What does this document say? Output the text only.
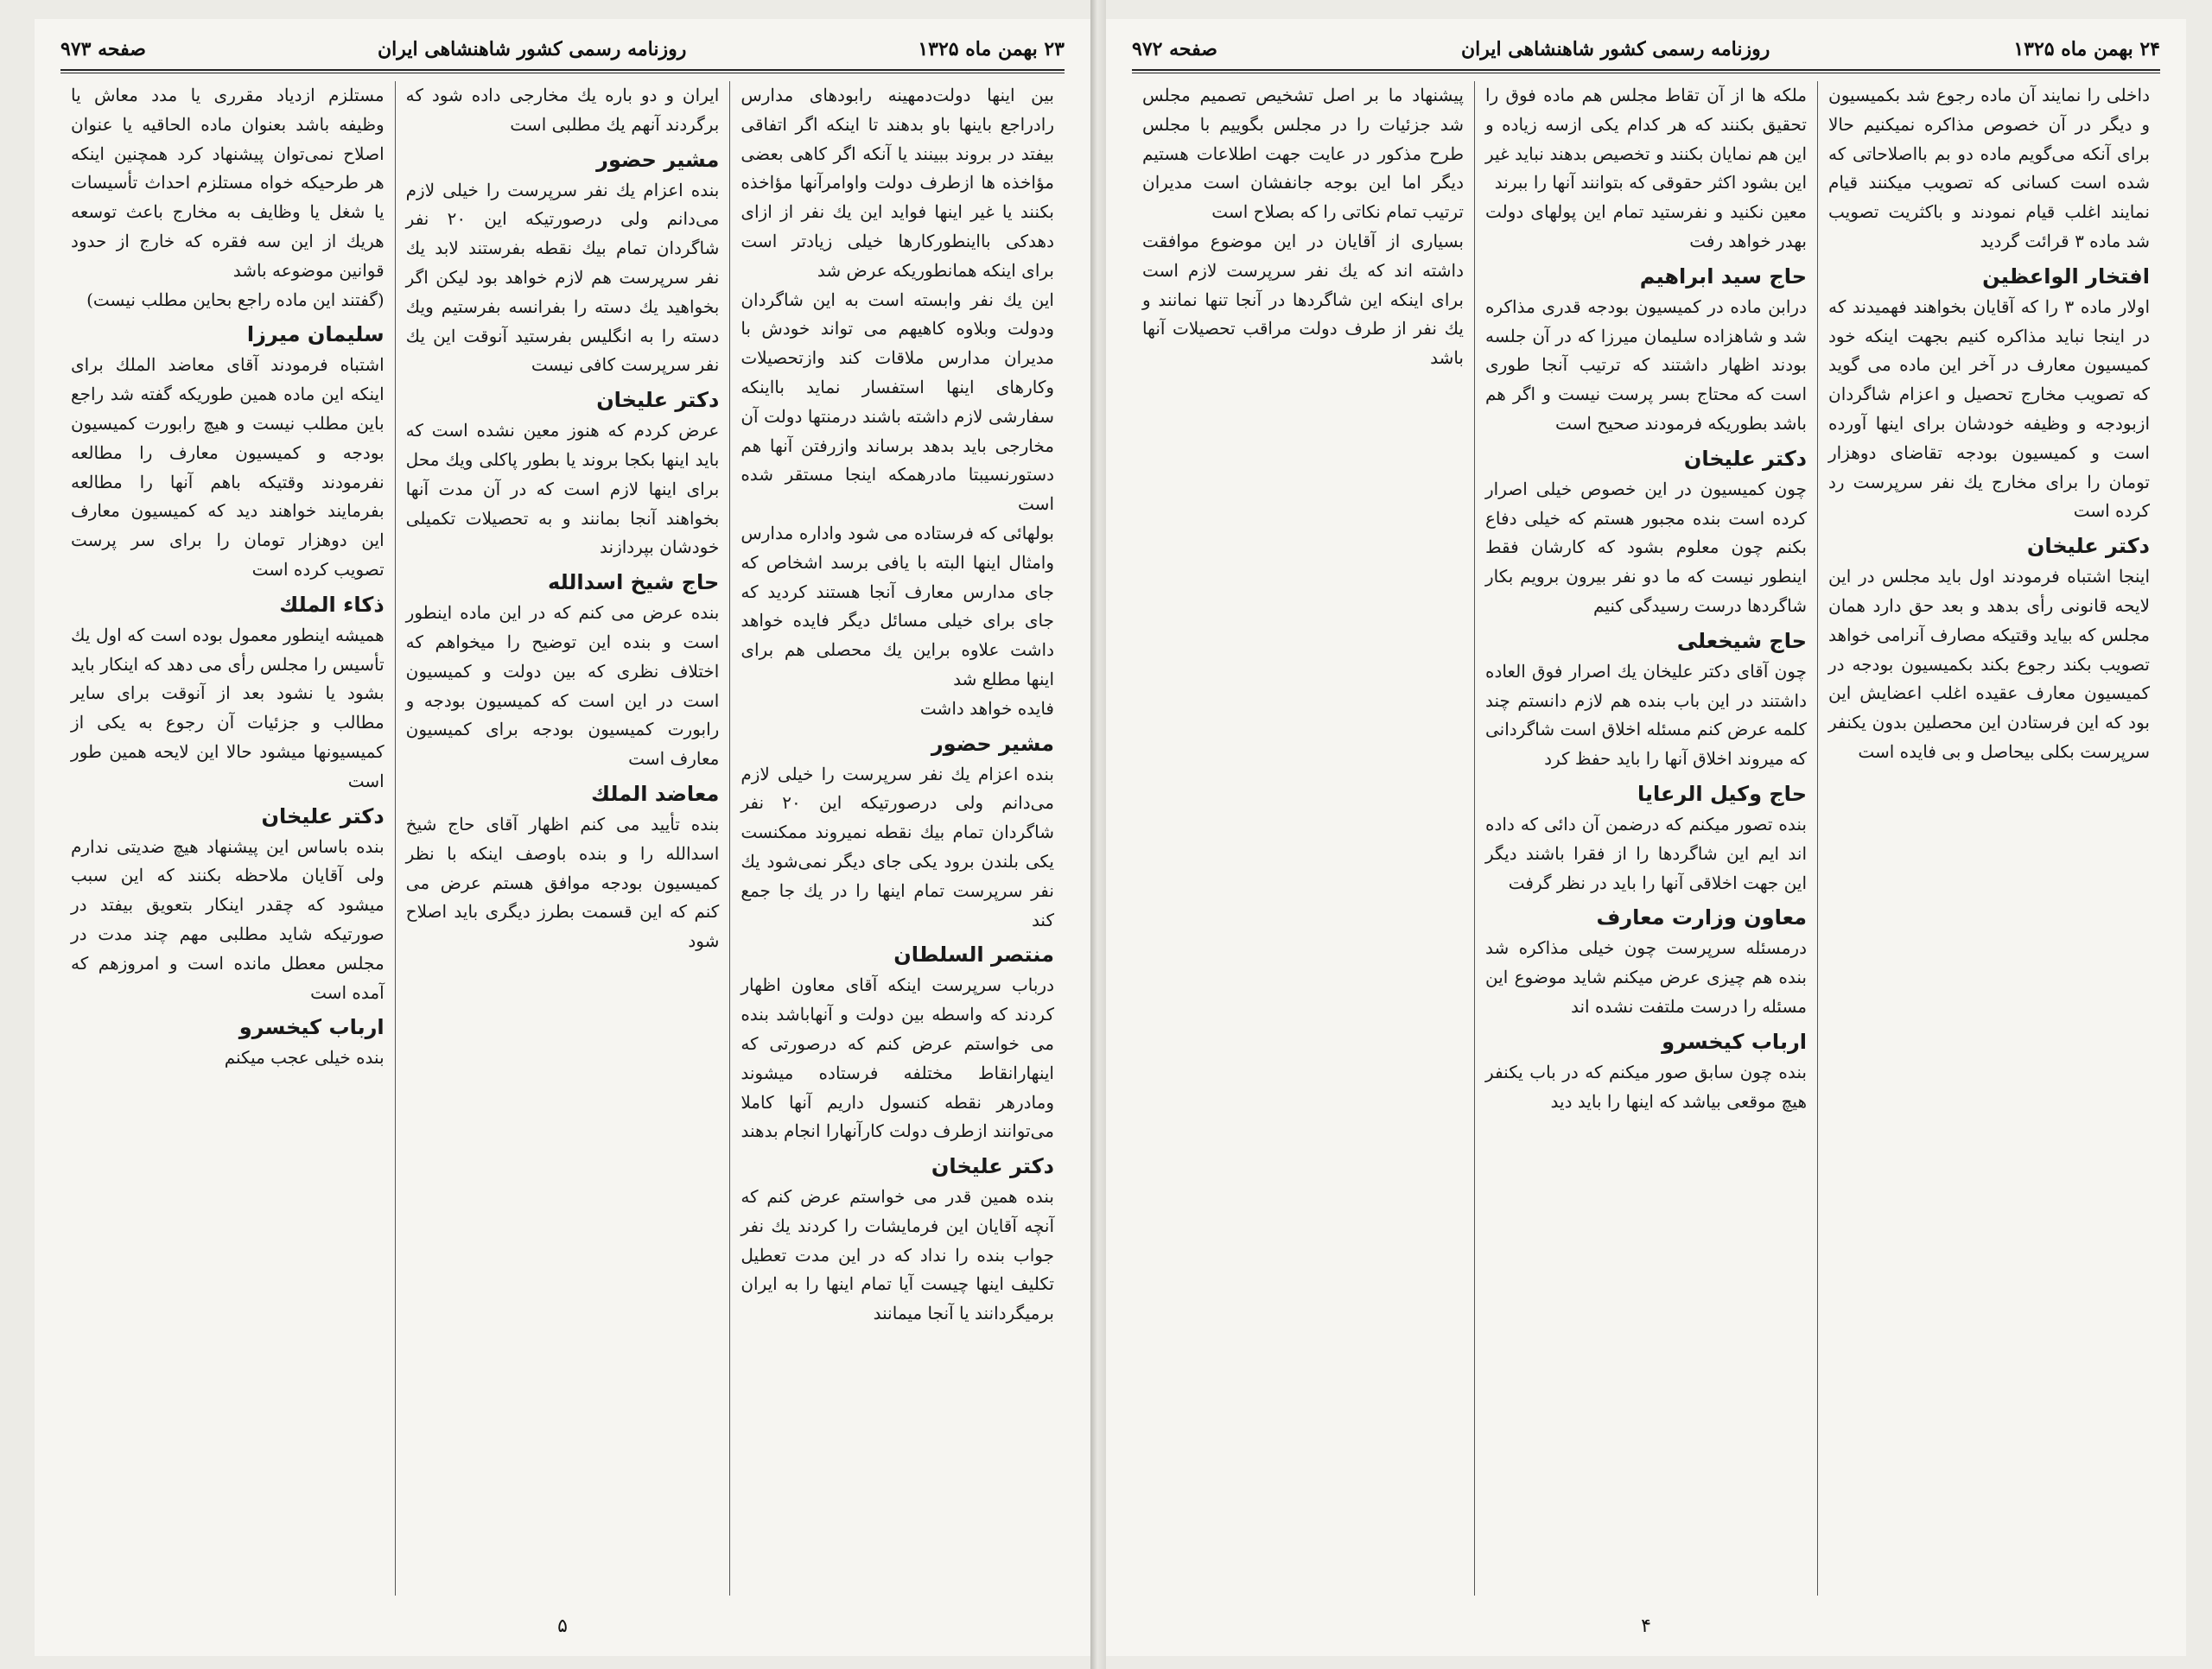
صفحه ۹۷۳	روزنامه رسمی کشور شاهنشاهی ایران	۲۳ بهمن ماه ۱۳۲۵

بین اینها دولت‌دمهینه رابودهای مدارس رادراجع باینها باو بدهند تا اینکه اگر اتفاقی بیفتد در بروند ببینند یا آنکه اگر کاهی بعضی مؤاخذه ها ازطرف دولت واوامرآنها مؤاخذه بکنند یا غیر اینها فواید این یك نفر از ازای دهدکی بااینطورکارها خیلی زیادتر است برای اینکه همانطوریکه عرض شد

این یك نفر وابسته است به این شاگردان ودولت وبلاوه کاهیهم می تواند خودش با مدیران مدارس ملاقات کند وازتحصیلات وکارهای اینها استفسار نماید بااینکه سفارشی لازم داشته باشند درمنتها دولت آن مخارجی باید بدهد برساند وازرفتن آنها هم دستورنسیبتا مادرهمکه اینجا مستقر شده است

بولهائی که فرستاده می شود واداره مدارس وامثال اینها البته با یافی برسد اشخاص که جای مدارس معارف آنجا هستند کردید که جای برای خیلی مسائل دیگر فایده خواهد داشت علاوه براین یك محصلی هم برای اینها مطلع شد

فایده خواهد داشت

مشیر حضور

بنده اعزام یك نفر سرپرست را خیلی لازم می‌دانم ولی درصورتیکه این ۲۰ نفر شاگردان تمام بیك نقطه نمیروند ممکنست یکی بلندن برود یکی جای دیگر نمی‌شود یك نفر سرپرست تمام اینها را در یك جا جمع کند

منتصر السلطان

درباب سرپرست اینکه آقای معاون اظهار کردند که واسطه بین دولت و آنهاباشد بنده می خواستم عرض کنم که درصورتی که اینهارانقاط مختلفه فرستاده میشوند ومادرهر نقطه کنسول داریم آنها کاملا می‌توانند ازطرف دولت کارآنهارا انجام بدهند

دکتر علیخان

بنده همین قدر می خواستم عرض کنم که آنچه آقایان این فرمایشات را کردند یك نفر جواب بنده را نداد که در این مدت تعطیل تکلیف اینها چیست آیا تمام اینها را به ایران برمیگردانند یا آنجا میمانند

ایران و دو باره یك مخارجی داده شود که برگردند آنهم یك مطلبی است

مشیر حضور

بنده اعزام یك نفر سرپرست را خیلی لازم می‌دانم ولی درصورتیکه این ۲۰ نفر شاگردان تمام بیك نقطه بفرستند لابد یك نفر سرپرست هم لازم خواهد بود لیکن اگر بخواهید یك دسته را بفرانسه بفرستیم ویك دسته را به انگلیس بفرستید آنوقت این یك نفر سرپرست کافی نیست

دکتر علیخان

عرض کردم که هنوز معین نشده است که باید اینها بکجا بروند یا بطور پاکلی ویك محل برای اینها لازم است که در آن مدت آنها بخواهند آنجا بمانند و به تحصیلات تکمیلی خودشان بپردازند

حاج شیخ اسدالله

بنده عرض می کنم که در این ماده اینطور است و بنده این توضیح را میخواهم که اختلاف نظری که بین دولت و کمیسیون است در این است که کمیسیون بودجه و رابورت کمیسیون بودجه برای کمیسیون معارف است

معاضد الملك

بنده تأیید می کنم اظهار آقای حاج شیخ اسدالله را و بنده باوصف اینکه با نظر کمیسیون بودجه موافق هستم عرض می کنم که این قسمت بطرز دیگری باید اصلاح شود

مستلزم ازدیاد مقرری یا مدد معاش یا وظیفه باشد بعنوان ماده الحاقیه یا عنوان اصلاح نمی‌توان پیشنهاد کرد همچنین اینکه هر طرحیکه خواه مستلزم احداث تأسیسات یا شغل یا وظایف به مخارج باعث توسعه هریك از این سه فقره که خارج از حدود قوانین موضوعه باشد

(گفتند این ماده راجع بحاین مطلب نیست)

سلیمان میرزا

اشتباه فرمودند آقای معاضد الملك برای اینکه این ماده همین طوریکه گفته شد راجع باین مطلب نیست و هیچ رابورت کمیسیون بودجه و کمیسیون معارف را مطالعه نفرمودند وقتیکه باهم آنها را مطالعه بفرمایند خواهند دید که کمیسیون معارف این دوهزار تومان را برای سر پرست تصویب کرده است

ذکاء الملك

همیشه اینطور معمول بوده است که اول یك تأسیس را مجلس رأی می دهد که اینکار باید بشود یا نشود بعد از آنوقت برای سایر مطالب و جزئیات آن رجوع به یکی از کمیسیونها میشود حالا این لایحه همین طور است

دکتر علیخان

بنده باساس این پیشنهاد هیچ ضدیتی ندارم ولی آقایان ملاحظه بکنند که این سبب میشود که چقدر اینکار بتعویق بیفتد در صورتیکه شاید مطلبی مهم چند مدت در مجلس معطل مانده است و امروزهم که آمده است

ارباب کیخسرو

بنده خیلی عجب میکنم

۵
صفحه ۹۷۲	روزنامه رسمی کشور شاهنشاهی ایران	۲۴ بهمن ماه ۱۳۲۵

داخلی را نمایند آن ماده رجوع شد بکمیسیون و دیگر در آن خصوص مذاکره نمیکنیم حالا برای آنکه می‌گویم ماده دو بم بااصلاحاتی که شده است کسانی که تصویب میکنند قیام نمایند اغلب قیام نمودند و باکثریت تصویب شد ماده ۳ قرائت گردید

افتخار الواعظین

اولار ماده ۳ را که آقایان بخواهند فهمیدند که در اینجا نباید مذاکره کنیم بجهت اینکه خود کمیسیون معارف در آخر این ماده می گوید که تصویب مخارج تحصیل و اعزام شاگردان ازبودجه و وظیفه خودشان برای اینها آورده است و کمیسیون بودجه تقاضای دوهزار تومان را برای مخارج یك نفر سرپرست رد کرده است

دکتر علیخان

اینجا اشتباه فرمودند اول باید مجلس در این لایحه قانونی رأی بدهد و بعد حق دارد همان مجلس که بیاید وقتیکه مصارف آنرامی خواهد تصویب بکند رجوع بکند بکمیسیون بودجه در کمیسیون معارف عقیده اغلب اعضایش این بود که این فرستادن این محصلین بدون یکنفر سرپرست بکلی بیحاصل و بی فایده است

ملکه ها از آن تقاط مجلس هم ماده فوق را تحقیق بکنند که هر کدام یکی ازسه زیاده و این هم نمایان بکنند و تخصیص بدهند نباید غیر این بشود اکثر حقوقی که بتوانند آنها را ببرند

معین نکنید و نفرستید تمام این پولهای دولت بهدر خواهد رفت

حاج سید ابراهیم

درابن ماده در کمیسیون بودجه قدری مذاکره شد و شاهزاده سلیمان میرزا که در آن جلسه بودند اظهار داشتند که ترتیب آنجا طوری است که محتاج بسر پرست نیست و اگر هم باشد بطوریکه فرمودند صحیح است

دکتر علیخان

چون کمیسیون در این خصوص خیلی اصرار کرده است بنده مجبور هستم که خیلی دفاع بکنم چون معلوم بشود که کارشان فقط اینطور نیست که ما دو نفر بیرون برویم بکار شاگردها درست رسیدگی کنیم

حاج شیخعلی

چون آقای دکتر علیخان یك اصرار فوق العاده داشتند در این باب بنده هم لازم دانستم چند کلمه عرض کنم مسئله اخلاق است شاگردانی که میروند اخلاق آنها را باید حفظ کرد

حاج وکیل الرعایا

بنده تصور میکنم که درضمن آن دائی که داده اند ایم این شاگردها را از فقرا باشند دیگر این جهت اخلاقی آنها را باید در نظر گرفت

معاون وزارت معارف

درمسئله سرپرست چون خیلی مذاکره شد بنده هم چیزی عرض میکنم شاید موضوع این مسئله را درست ملتفت نشده اند

ارباب کیخسرو

بنده چون سابق صور میکنم که در باب یکنفر هیچ موقعی بیاشد که اینها را باید دید

پیشنهاد ما بر اصل تشخیص تصمیم مجلس شد جزئیات را در مجلس بگوییم با مجلس طرح مذکور در عایت جهت اطلاعات هستیم دیگر اما این بوجه جانفشان است مدیران ترتیب تمام نکاتی را که بصلاح است

بسیاری از آقایان در این موضوع موافقت داشته اند که یك نفر سرپرست لازم است برای اینکه این شاگردها در آنجا تنها نمانند و یك نفر از طرف دولت مراقب تحصیلات آنها باشد

۴
